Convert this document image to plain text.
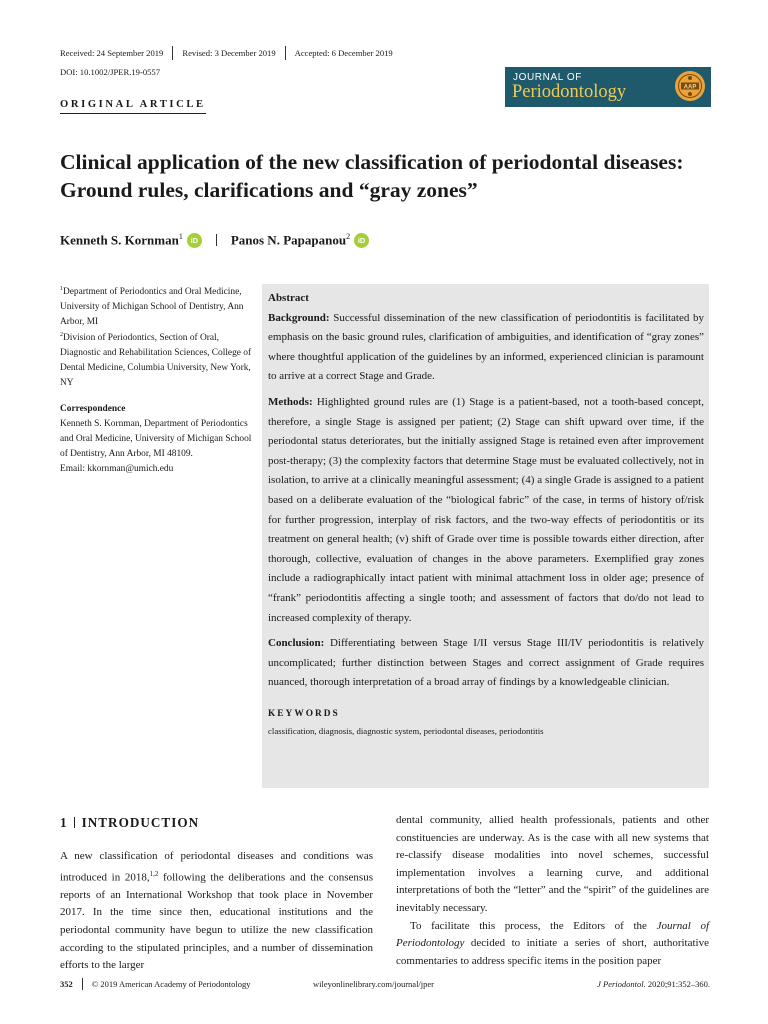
Received: 24 September 2019 Revised: 3 December 2019 Accepted: 6 December 2019
DOI: 10.1002/JPER.19-0557
ORIGINAL ARTICLE
JOURNAL OF
Periodontology	AAP
Clinical application of the new classification of periodontal diseases: Ground rules, clarifications and “gray zones”
Kenneth S. Kornman$^1$	iD	Panos N. Papapanou$^2$	iD
$^1$Department of Periodontics and Oral Medicine, University of Michigan School of Dentistry, Ann Arbor, MI
$^2$Division of Periodontics, Section of Oral, Diagnostic and Rehabilitation Sciences, College of Dental Medicine, Columbia University, New York, NY
Correspondence
Kenneth S. Kornman, Department of Periodontics and Oral Medicine, University of Michigan School of Dentistry, Ann Arbor, MI 48109.
Email: kkornman@umich.edu

Abstract

Background: Successful dissemination of the new classification of periodontitis is facilitated by emphasis on the basic ground rules, clarification of ambiguities, and identification of “gray zones” where thoughtful application of the guidelines by an informed, experienced clinician is paramount to arrive at a correct Stage and Grade.

Methods: Highlighted ground rules are (1) Stage is a patient-based, not a tooth-based concept, therefore, a single Stage is assigned per patient; (2) Stage can shift upward over time, if the periodontal status deteriorates, but the initially assigned Stage is retained even after improvement post-therapy; (3) the complexity factors that determine Stage must be evaluated collectively, not in isolation, to arrive at a clinically meaningful assessment; (4) a single Grade is assigned to a patient based on a deliberate evaluation of the “biological fabric” of the case, in terms of history of/risk for further progression, interplay of risk factors, and the two-way effects of periodontitis or its treatment on general health; (v) shift of Grade over time is possible towards either direction, after thorough, collective, evaluation of changes in the above parameters. Exemplified gray zones include a radiographically intact patient with minimal attachment loss in older age; presence of “frank” periodontitis affecting a single tooth; and assessment of factors that do/do not lead to increased complexity of therapy.

Conclusion: Differentiating between Stage I/II versus Stage III/IV periodontitis is relatively uncomplicated; further distinction between Stages and correct assignment of Grade requires nuanced, thorough interpretation of a broad array of findings by a knowledgeable clinician.

KEYWORDS
classification, diagnosis, diagnostic system, periodontal diseases, periodontitis
1 INTRODUCTION

A new classification of periodontal diseases and conditions was introduced in 2018,$^{1,2}$ following the deliberations and the consensus reports of an International Workshop that took place in November 2017. In the time since then, educational institutions and the periodontal community have begun to utilize the new classification according to the stipulated principles, and a number of dissemination efforts to the larger

dental community, allied health professionals, patients and other constituencies are underway. As is the case with all new systems that re-classify disease modalities into novel schemes, successful implementation involves a learning curve, and additional interpretations of both the “letter” and the “spirit” of the guidelines are inevitably necessary.

To facilitate this process, the Editors of the Journal of Periodontology decided to initiate a series of short, authoritative commentaries to address specific items in the position paper

352 © 2019 American Academy of Periodontology	wileyonlinelibrary.com/journal/jper	J Periodontol. 2020;91:352–360.
